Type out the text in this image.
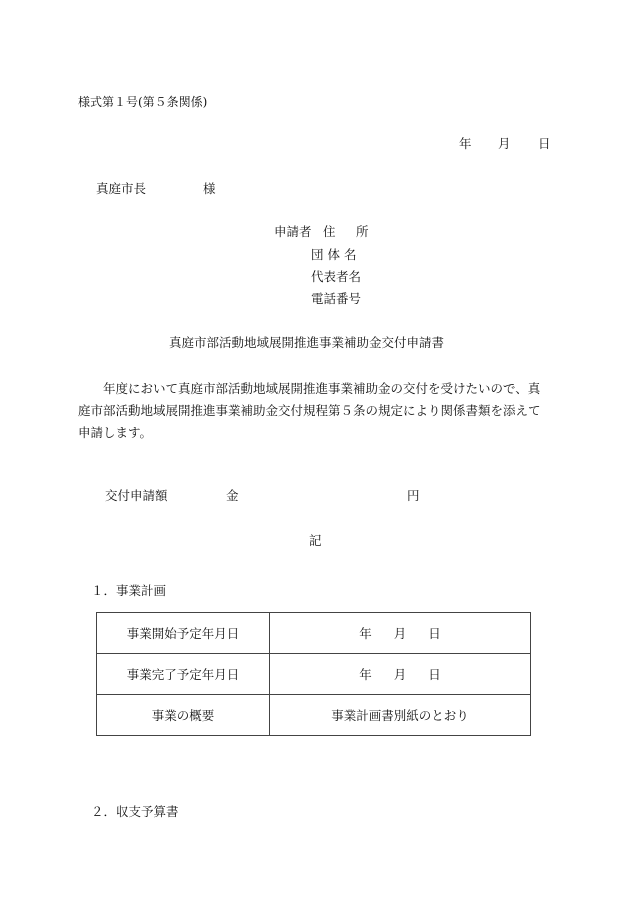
様式第１号(第５条関係)
年 月 日
真庭市長	様
申請者 住 所
団 体 名
代表者名
電話番号
真庭市部活動地域展開推進事業補助金交付申請書
　　年度において真庭市部活動地域展開推進事業補助金の交付を受けたいので、真
庭市部活動地域展開推進事業補助金交付規程第５条の規定により関係書類を添えて
申請します。
交付申請額	金	円
記
１．事業計画
事業開始予定年月日	年 月 日
事業完了予定年月日	年 月 日
事業の概要	事業計画書別紙のとおり
２．収支予算書
